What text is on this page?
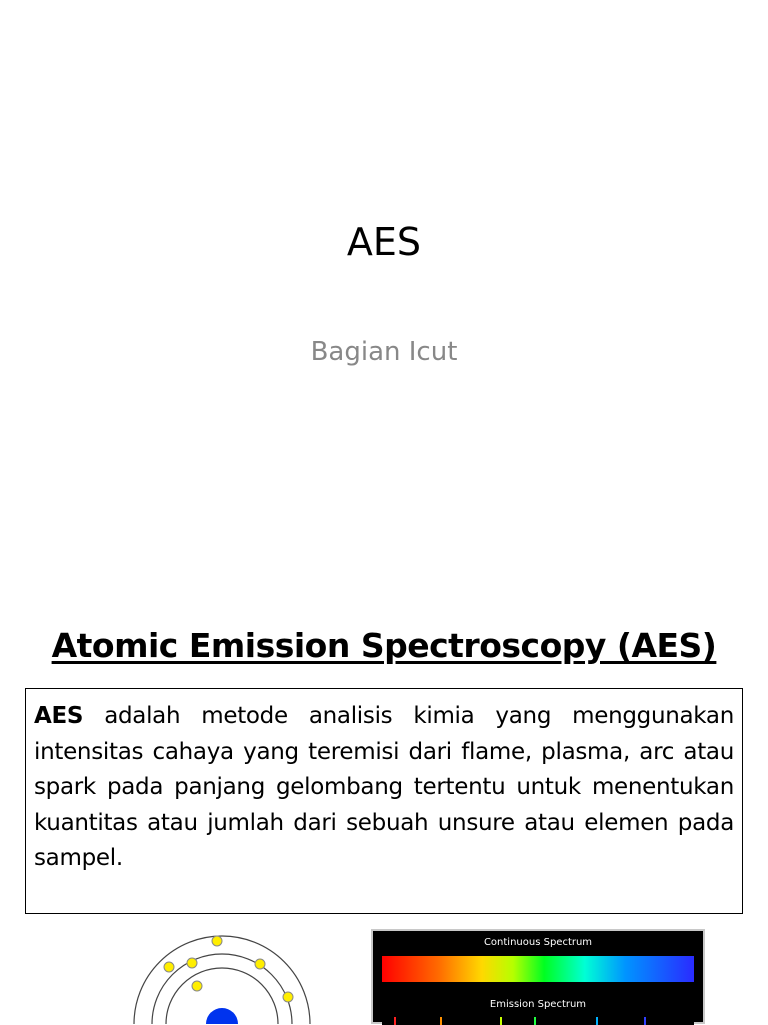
AES
Bagian Icut
Atomic Emission Spectroscopy (AES)
AES adalah metode analisis kimia yang menggunakan intensitas cahaya yang teremisi dari flame, plasma, arc atau spark pada panjang gelombang tertentu untuk menentukan kuantitas atau jumlah dari sebuah unsure atau elemen pada sampel.
Continuous Spectrum
Emission Spectrum
